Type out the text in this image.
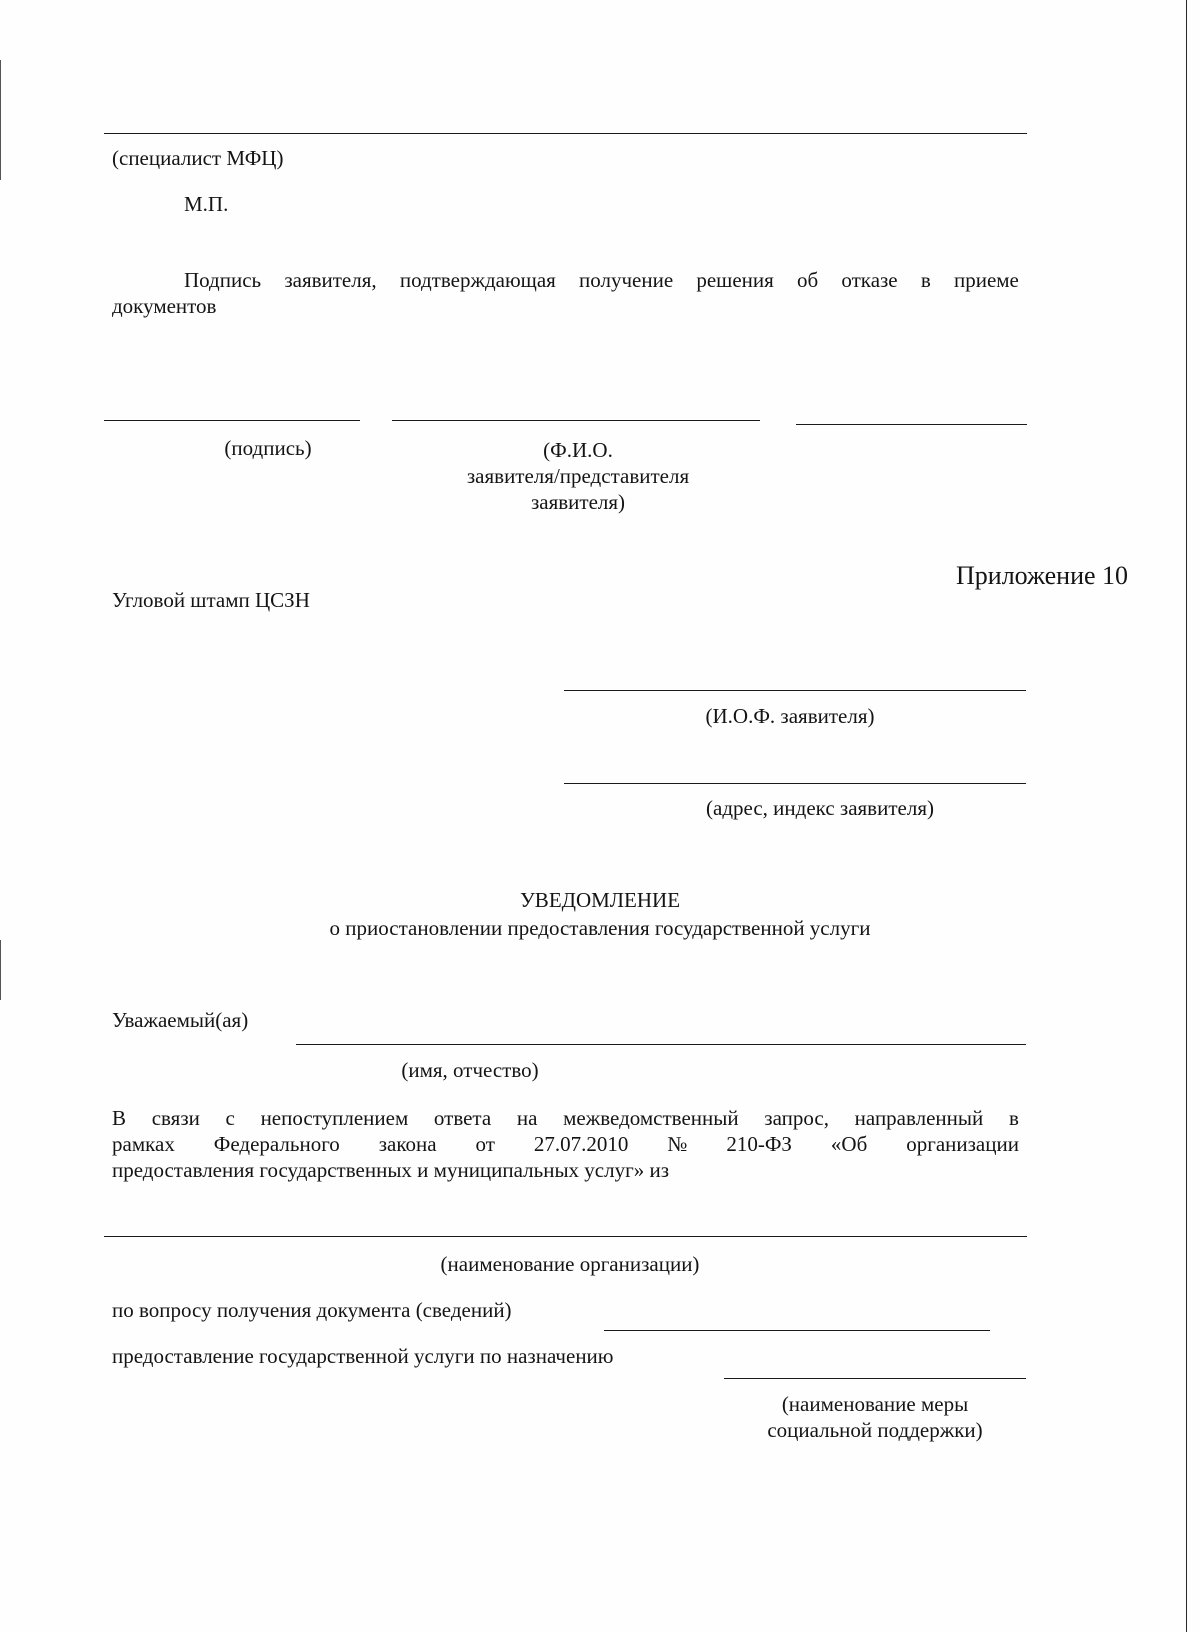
(специалист МФЦ)
М.П.
Подпись заявителя, подтверждающая получение решения об отказе в приеме
документов
(подпись)	(Ф.И.О.
заявителя/представителя
заявителя)
Приложение 10
Угловой штамп ЦСЗН
(И.О.Ф. заявителя)
(адрес, индекс заявителя)
УВЕДОМЛЕНИЕ
о приостановлении предоставления государственной услуги
Уважаемый(ая)
(имя, отчество)
В связи с непоступлением ответа на межведомственный запрос, направленный в
рамках Федерального закона от 27.07.2010 № 210-ФЗ «Об организации
предоставления государственных и муниципальных услуг» из
(наименование организации)
по вопросу получения документа (сведений)
предоставление государственной услуги по назначению
(наименование меры
социальной поддержки)
